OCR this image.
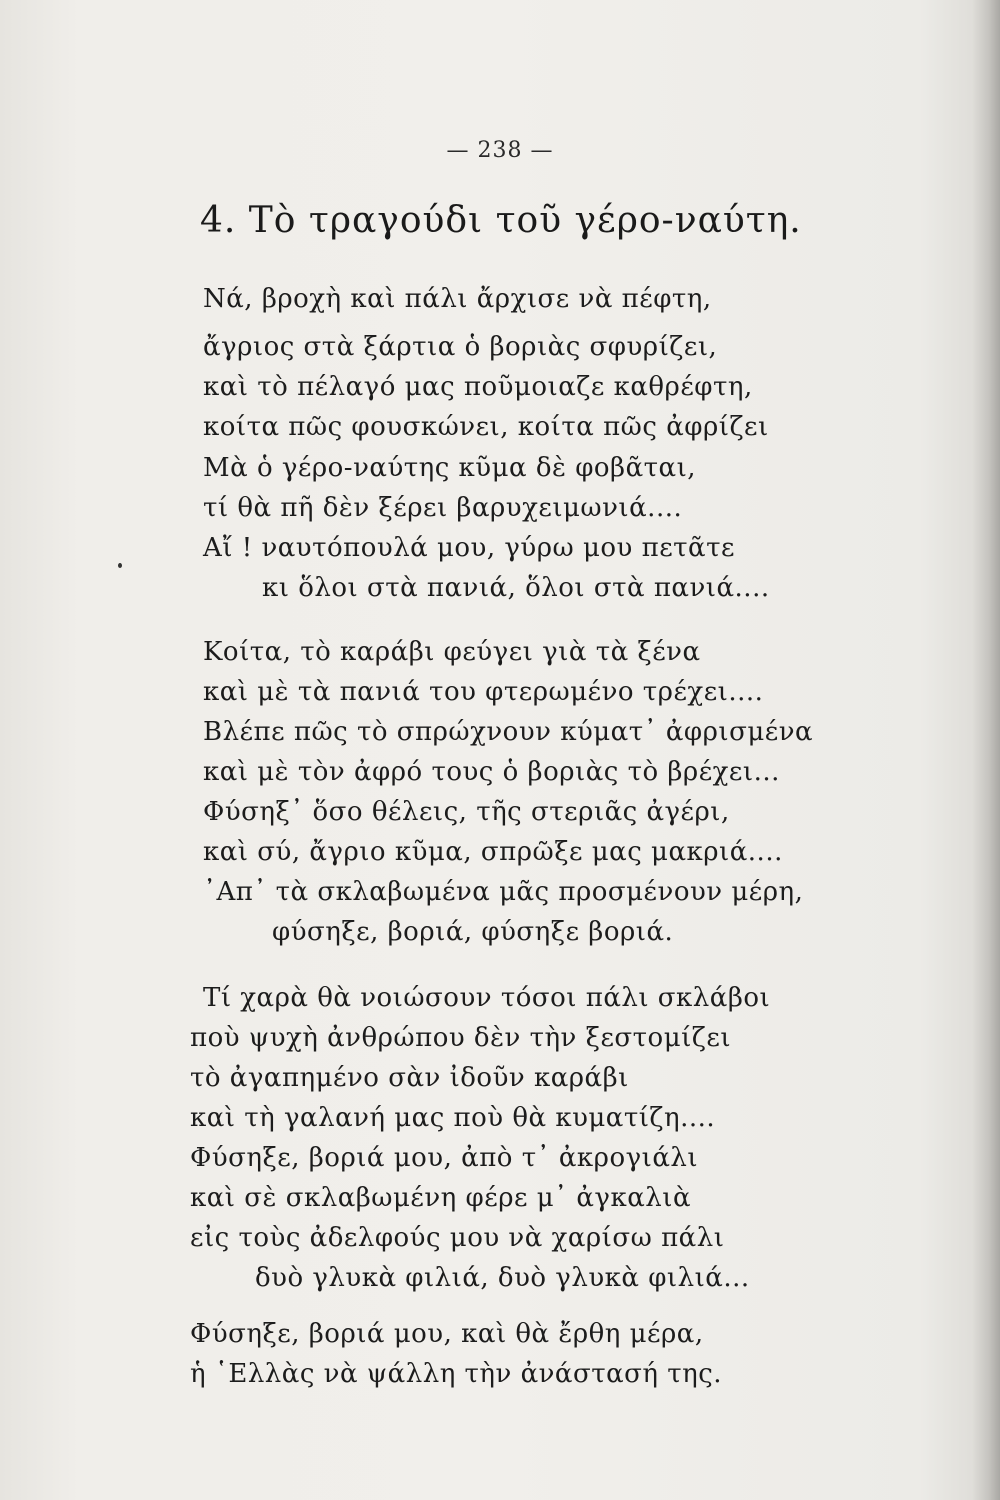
— 238 —
4. Τὸ τραγούδι τοῦ γέρο-ναύτη.
Νά, βροχὴ καὶ πάλι ἄρχισε νὰ πέφτη,
ἄγριος στὰ ξάρτια ὁ βοριὰς σφυρίζει,
καὶ τὸ πέλαγό μας ποῦμοιαζε καθρέφτη,
κοίτα πῶς φουσκώνει, κοίτα πῶς ἀφρίζει
Μὰ ὁ γέρο-ναύτης κῦμα δὲ φοβᾶται,
τί θὰ πῆ δὲν ξέρει βαρυχειμωνιά....
Αἴ ! ναυτόπουλά μου, γύρω μου πετᾶτε
κι ὅλοι στὰ πανιά, ὅλοι στὰ πανιά....
Κοίτα, τὸ καράβι φεύγει γιὰ τὰ ξένα
καὶ μὲ τὰ πανιά του φτερωμένο τρέχει....
Βλέπε πῶς τὸ σπρώχνουν κύματ᾽ ἀφρισμένα
καὶ μὲ τὸν ἀφρό τους ὁ βοριὰς τὸ βρέχει...
Φύσηξ᾽ ὅσο θέλεις, τῆς στεριᾶς ἀγέρι,
καὶ σύ, ἄγριο κῦμα, σπρῶξε μας μακριά....
᾽Απ᾽ τὰ σκλαβωμένα μᾶς προσμένουν μέρη,
φύσηξε, βοριά, φύσηξε βοριά.
Τί χαρὰ θὰ νοιώσουν τόσοι πάλι σκλάβοι
ποὺ ψυχὴ ἀνθρώπου δὲν τὴν ξεστομίζει
τὸ ἀγαπημένο σὰν ἰδοῦν καράβι
καὶ τὴ γαλανή μας ποὺ θὰ κυματίζη....
Φύσηξε, βοριά μου, ἀπὸ τ᾽ ἀκρογιάλι
καὶ σὲ σκλαβωμένη φέρε μ᾽ ἀγκαλιὰ
εἰς τοὺς ἀδελφούς μου νὰ χαρίσω πάλι
δυὸ γλυκὰ φιλιά, δυὸ γλυκὰ φιλιά...
Φύσηξε, βοριά μου, καὶ θὰ ἔρθη μέρα,
ἡ ῾Ελλὰς νὰ ψάλλη τὴν ἀνάστασή της.
